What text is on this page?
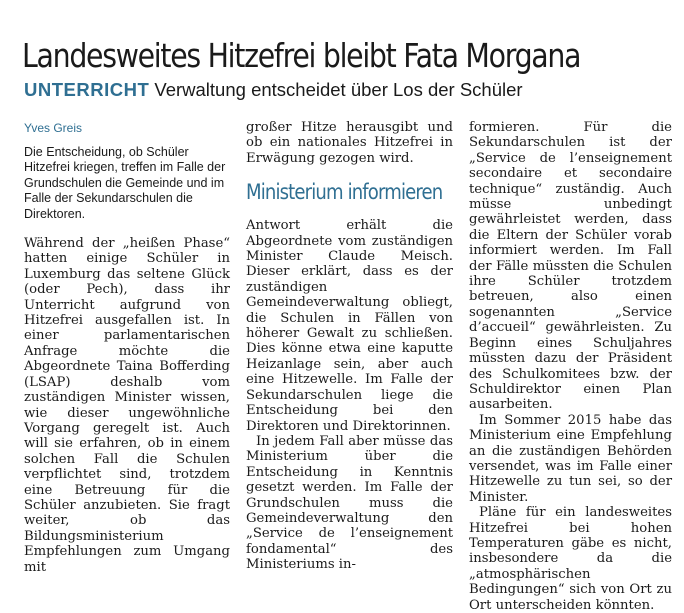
Landesweites Hitzefrei bleibt Fata Morgana
UNTERRICHT Verwaltung entscheidet über Los der Schüler
Yves Greis

Die Entscheidung, ob Schüler Hitzefrei kriegen, treffen im Falle der Grundschulen die Gemeinde und im Falle der Sekundarschulen die Direktoren.

Während der „heißen Phase“ hatten einige Schüler in Luxemburg das seltene Glück (oder Pech), dass ihr Unterricht aufgrund von Hitzefrei ausgefallen ist. In einer parlamentarischen Anfrage möchte die Abgeordnete Taina Bofferding (LSAP) deshalb vom zuständigen Minister wissen, wie dieser ungewöhnliche Vorgang geregelt ist. Auch will sie erfahren, ob in einem solchen Fall die Schulen verpflichtet sind, trotzdem eine Betreuung für die Schüler anzubieten. Sie fragt weiter, ob das Bildungsministerium Empfehlungen zum Umgang mit

großer Hitze herausgibt und ob ein nationales Hitzefrei in Erwägung gezogen wird.

Ministerium informieren

Antwort erhält die Abgeordnete vom zuständigen Minister Claude Meisch. Dieser erklärt, dass es der zuständigen Gemeindeverwaltung obliegt, die Schulen in Fällen von höherer Gewalt zu schließen. Dies könne etwa eine kaputte Heizanlage sein, aber auch eine Hitzewelle. Im Falle der Sekundarschulen liege die Entscheidung bei den Direktoren und Direktorinnen.

In jedem Fall aber müsse das Ministerium über die Entscheidung in Kenntnis gesetzt werden. Im Falle der Grundschulen muss die Gemeindeverwaltung den „Service de l’enseignement fondamental“ des Ministeriums in-

formieren. Für die Sekundarschulen ist der „Service de l’enseignement secondaire et secondaire technique“ zuständig. Auch müsse unbedingt gewährleistet werden, dass die Eltern der Schüler vorab informiert werden. Im Fall der Fälle müssten die Schulen ihre Schüler trotzdem betreuen, also einen sogenannten „Service d’accueil“ gewährleisten. Zu Beginn eines Schuljahres müssten dazu der Präsident des Schulkomitees bzw. der Schuldirektor einen Plan ausarbeiten.

Im Sommer 2015 habe das Ministerium eine Empfehlung an die zuständigen Behörden versendet, was im Falle einer Hitzewelle zu tun sei, so der Minister.

Pläne für ein landesweites Hitzefrei bei hohen Temperaturen gäbe es nicht, insbesondere da die „atmosphärischen Bedingungen“ sich von Ort zu Ort unterscheiden könnten.
